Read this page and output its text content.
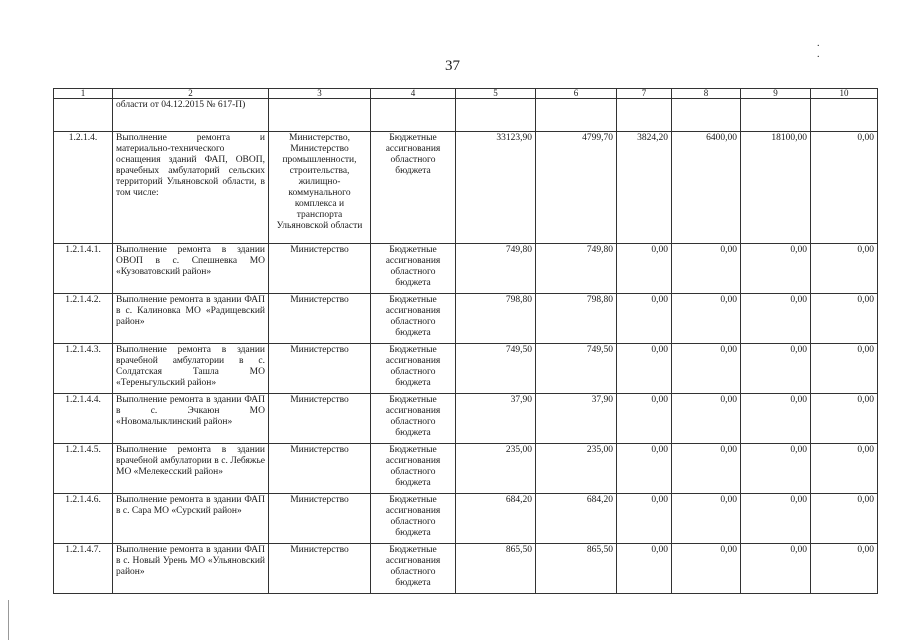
37
. .
1	2	3	4	5	6	7	8	9	10
	области от 04.12.2015 № 617-П)								
1.2.1.4.	Выполнение ремонта и материально-технического оснащения зданий ФАП, ОВОП, врачебных амбулаторий сельских территорий Ульяновской области, в том числе:	Министерство, Министерство промышленности, строительства, жилищно-коммунального комплекса и транспорта Ульяновской области	Бюджетные ассигнования областного бюджета	33123,90	4799,70	3824,20	6400,00	18100,00	0,00
1.2.1.4.1.	Выполнение ремонта в здании ОВОП в с. Спешневка МО «Кузоватовский район»	Министерство	Бюджетные ассигнования областного бюджета	749,80	749,80	0,00	0,00	0,00	0,00
1.2.1.4.2.	Выполнение ремонта в здании ФАП в с. Калиновка МО «Радищевский район»	Министерство	Бюджетные ассигнования областного бюджета	798,80	798,80	0,00	0,00	0,00	0,00
1.2.1.4.3.	Выполнение ремонта в здании врачебной амбулатории в с. Солдатская Ташла МО «Тереньгульский район»	Министерство	Бюджетные ассигнования областного бюджета	749,50	749,50	0,00	0,00	0,00	0,00
1.2.1.4.4.	Выполнение ремонта в здании ФАП в с. Эчкаюн МО «Новомалыклинский район»	Министерство	Бюджетные ассигнования областного бюджета	37,90	37,90	0,00	0,00	0,00	0,00
1.2.1.4.5.	Выполнение ремонта в здании врачебной амбулатории в с. Лебяжье МО «Мелекесский район»	Министерство	Бюджетные ассигнования областного бюджета	235,00	235,00	0,00	0,00	0,00	0,00
1.2.1.4.6.	Выполнение ремонта в здании ФАП в с. Сара МО «Сурский район»	Министерство	Бюджетные ассигнования областного бюджета	684,20	684,20	0,00	0,00	0,00	0,00
1.2.1.4.7.	Выполнение ремонта в здании ФАП в с. Новый Урень МО «Ульяновский район»	Министерство	Бюджетные ассигнования областного бюджета	865,50	865,50	0,00	0,00	0,00	0,00
